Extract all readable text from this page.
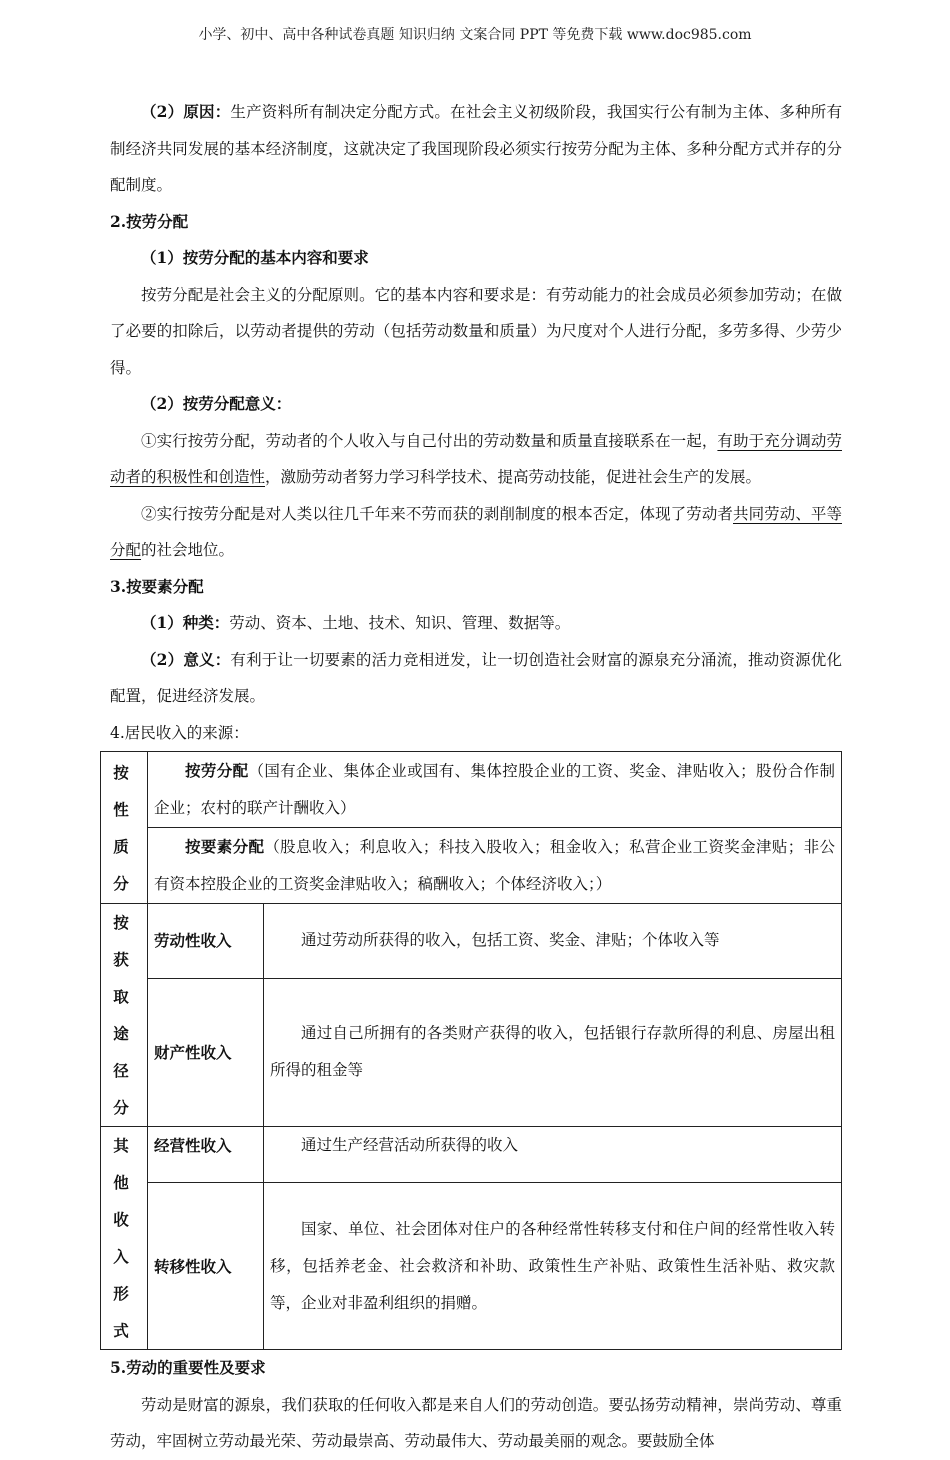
小学、初中、高中各种试卷真题 知识归纳 文案合同 PPT 等免费下载 www.doc985.com

（2）原因：生产资料所有制决定分配方式。在社会主义初级阶段，我国实行公有制为主体、多种所有制经济共同发展的基本经济制度，这就决定了我国现阶段必须实行按劳分配为主体、多种分配方式并存的分配制度。

2.按劳分配

（1）按劳分配的基本内容和要求

按劳分配是社会主义的分配原则。它的基本内容和要求是：有劳动能力的社会成员必须参加劳动；在做了必要的扣除后，以劳动者提供的劳动（包括劳动数量和质量）为尺度对个人进行分配，多劳多得、少劳少得。

（2）按劳分配意义：

①实行按劳分配，劳动者的个人收入与自己付出的劳动数量和质量直接联系在一起，有助于充分调动劳动者的积极性和创造性，激励劳动者努力学习科学技术、提高劳动技能，促进社会生产的发展。

②实行按劳分配是对人类以往几千年来不劳而获的剥削制度的根本否定，体现了劳动者共同劳动、平等分配的社会地位。

3.按要素分配

（1）种类：劳动、资本、土地、技术、知识、管理、数据等。

（2）意义：有利于让一切要素的活力竞相迸发，让一切创造社会财富的源泉充分涌流，推动资源优化配置，促进经济发展。

4.居民收入的来源：

按性
质分	按劳分配（国有企业、集体企业或国有、集体控股企业的工资、奖金、津贴收入；股份合作制企业；农村的联产计酬收入）	

	按要素分配（股息收入；利息收入；科技入股收入；租金收入；私营企业工资奖金津贴；非公有资本控股企业的工资奖金津贴收入；稿酬收入；个体经济收入；）	

按获
取途
径分	劳动性收入	通过劳动所获得的收入，包括工资、奖金、津贴；个体收入等

	财产性收入	通过自己所拥有的各类财产获得的收入，包括银行存款所得的利息、房屋出租所得的租金等

其他
收入
形式	经营性收入	通过生产经营活动所获得的收入

	转移性收入	国家、单位、社会团体对住户的各种经常性转移支付和住户间的经常性收入转移，包括养老金、社会救济和补助、政策性生产补贴、政策性生活补贴、救灾款等，企业对非盈利组织的捐赠。

5.劳动的重要性及要求

劳动是财富的源泉，我们获取的任何收入都是来自人们的劳动创造。要弘扬劳动精神，崇尚劳动、尊重劳动，牢固树立劳动最光荣、劳动最崇高、劳动最伟大、劳动最美丽的观念。要鼓励全体
